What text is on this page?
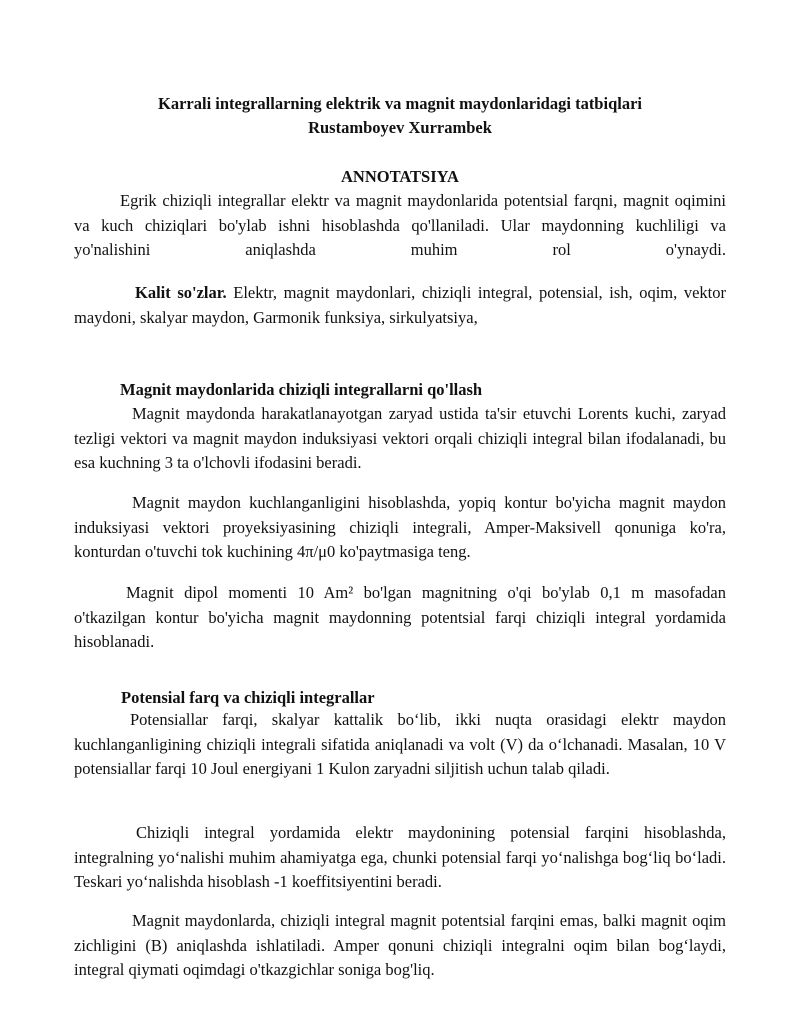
Karrali integrallarning elektrik va magnit maydonlaridagi tatbiqlari
Rustamboyev Xurrambek
ANNOTATSIYA

Egrik chiziqli integrallar elektr va magnit maydonlarida potentsial farqni, magnit oqimini va kuch chiziqlari bo'ylab ishni hisoblashda qo'llaniladi. Ular maydonning kuchliligi va yo'nalishini aniqlashda muhim rol o'ynaydi.

Kalit so'zlar. Elektr, magnit maydonlari, chiziqli integral, potensial, ish, oqim, vektor maydoni, skalyar maydon, Garmonik funksiya, sirkulyatsiya,

Magnit maydonlarida chiziqli integrallarni qo'llash

Magnit maydonda harakatlanayotgan zaryad ustida ta'sir etuvchi Lorents kuchi, zaryad tezligi vektori va magnit maydon induksiyasi vektori orqali chiziqli integral bilan ifodalanadi, bu esa kuchning 3 ta o'lchovli ifodasini beradi.

Magnit maydon kuchlanganligini hisoblashda, yopiq kontur bo'yicha magnit maydon induksiyasi vektori proyeksiyasining chiziqli integrali, Amper-Maksivell qonuniga ko'ra, konturdan o'tuvchi tok kuchining 4π/μ0 ko'paytmasiga teng.

Magnit dipol momenti 10 Am² bo'lgan magnitning o'qi bo'ylab 0,1 m masofadan o'tkazilgan kontur bo'yicha magnit maydonning potentsial farqi chiziqli integral yordamida hisoblanadi.

Potensial farq va chiziqli integrallar

Potensiallar farqi, skalyar kattalik bo‘lib, ikki nuqta orasidagi elektr maydon kuchlanganligining chiziqli integrali sifatida aniqlanadi va volt (V) da o‘lchanadi. Masalan, 10 V potensiallar farqi 10 Joul energiyani 1 Kulon zaryadni siljitish uchun talab qiladi.

Chiziqli integral yordamida elektr maydonining potensial farqini hisoblashda, integralning yo‘nalishi muhim ahamiyatga ega, chunki potensial farqi yo‘nalishga bog‘liq bo‘ladi. Teskari yo‘nalishda hisoblash -1 koeffitsiyentini beradi.

Magnit maydonlarda, chiziqli integral magnit potentsial farqini emas, balki magnit oqim zichligini (B) aniqlashda ishlatiladi. Amper qonuni chiziqli integralni oqim bilan bog‘laydi, integral qiymati oqimdagi o'tkazgichlar soniga bog'liq.
